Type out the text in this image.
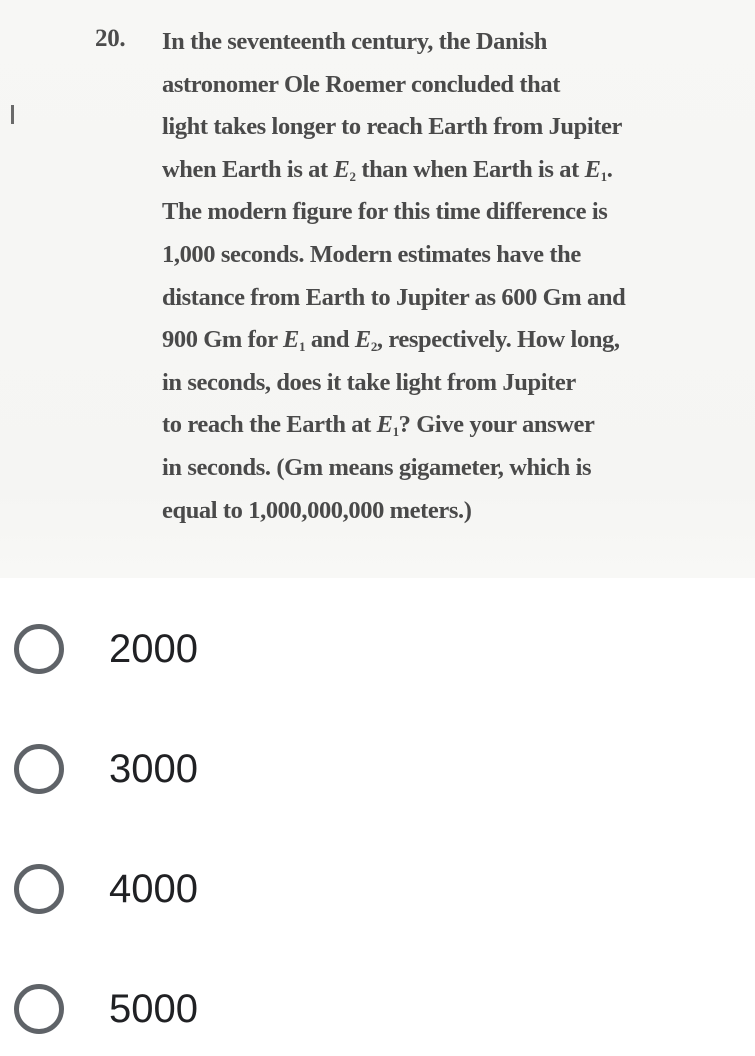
20. In the seventeenth century, the Danish
astronomer Ole Roemer concluded that
light takes longer to reach Earth from Jupiter
when Earth is at $E_2$ than when Earth is at $E_1$.
The modern figure for this time difference is
1,000 seconds. Modern estimates have the
distance from Earth to Jupiter as 600 Gm and
900 Gm for $E_1$ and $E_2$, respectively. How long,
in seconds, does it take light from Jupiter
to reach the Earth at $E_1$? Give your answer
in seconds. (Gm means gigameter, which is
equal to 1,000,000,000 meters.)
2000
3000
4000
5000
